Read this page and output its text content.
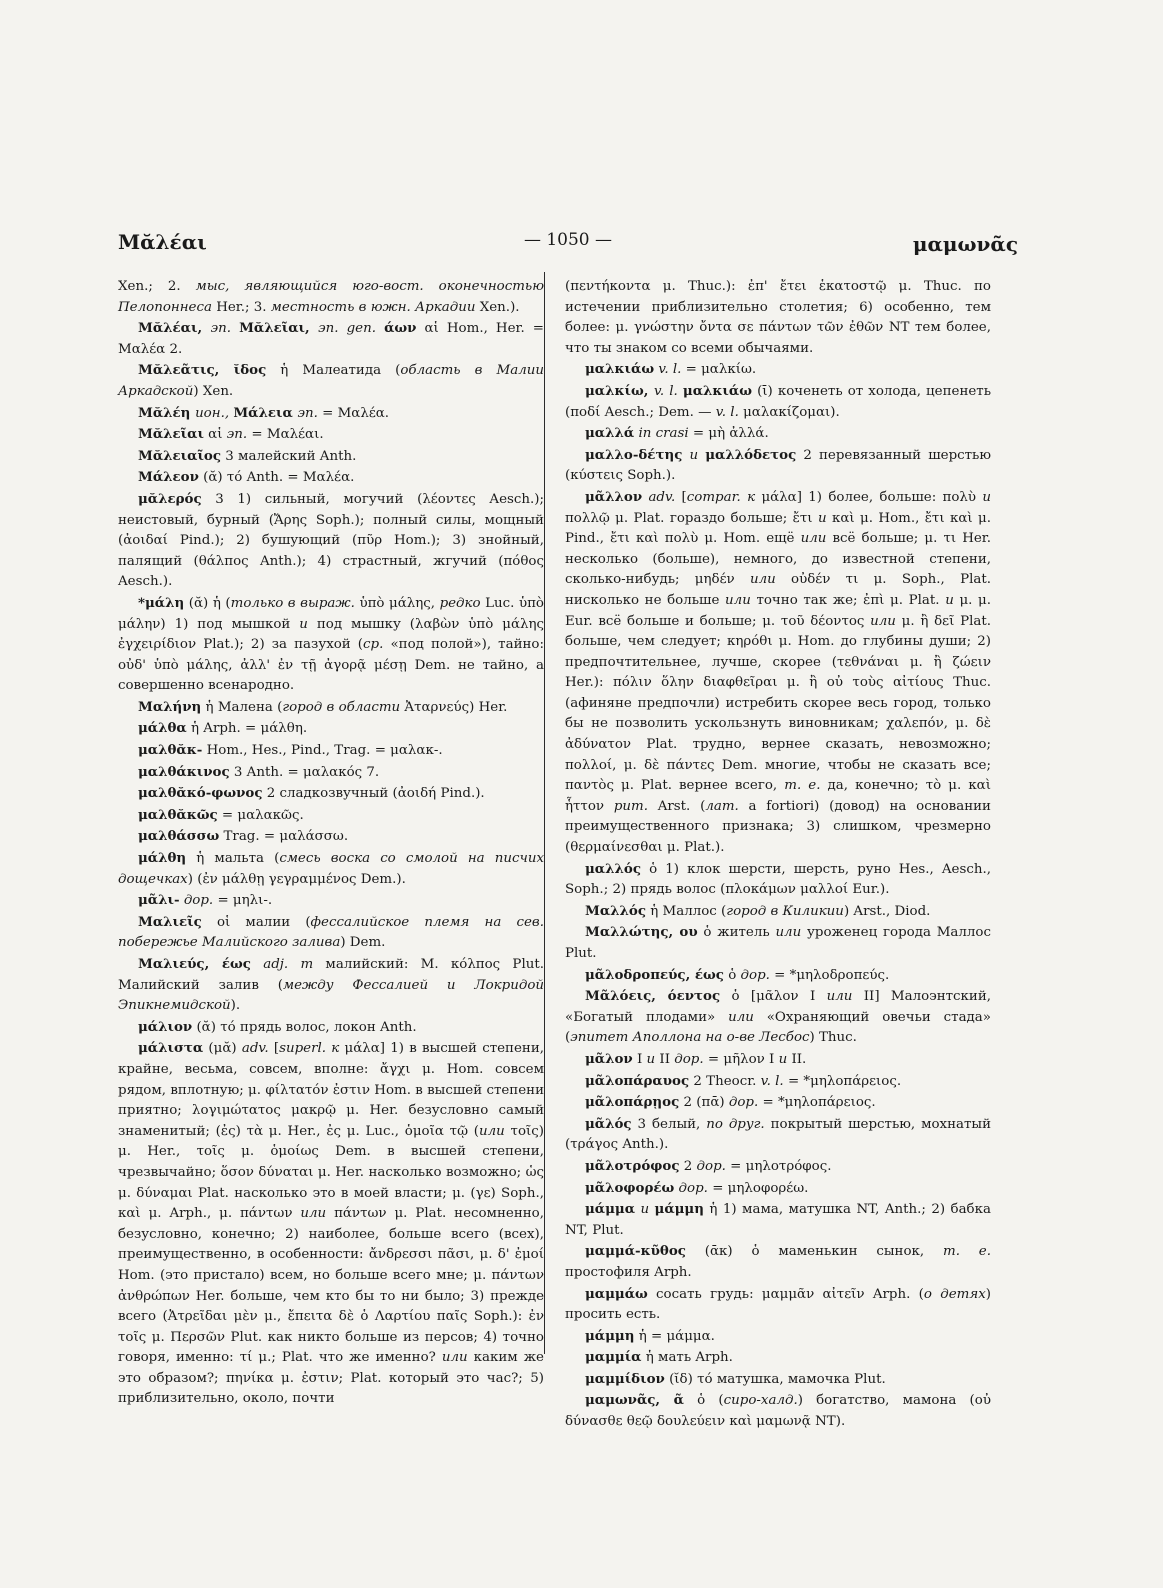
Μᾰλέαι	— 1050 —	μαμωνᾶς

Xen.; 2. мыс, являющийся юго-вост. оконечностью Пелопоннеса Her.; 3. местность в южн. Аркадии Xen.).

Μᾰλέαι, эп. Μᾰλεῖαι, эп. gen. άων αἱ Hom., Her. = Μαλέα 2.

Μᾰλεᾶτις, ῐδος ἡ Малеатида (область в Малии Аркадской) Xen.

Μᾰλέη ион., Μάλεια эп. = Μαλέα.

Μᾰλεῖαι αἱ эп. = Μαλέαι.

Μᾰλειαῖος 3 малейский Anth.

Μάλεον (ᾰ) τό Anth. = Μαλέα.

μᾰλερός 3 1) сильный, могучий (λέοντες Aesch.); неистовый, бурный (Ἄρης Soph.); полный силы, мощный (ἀοιδαί Pind.); 2) бушующий (πῦρ Hom.); 3) знойный, палящий (θάλπος Anth.); 4) страстный, жгучий (πόθος Aesch.).

*μάλη (ᾰ) ἡ (только в выраж. ὑπὸ μάλης, редко Luc. ὑπὸ μάλην) 1) под мышкой и под мышку (λαβὼν ὑπὸ μάλης ἐγχειρίδιον Plat.); 2) за пазухой (ср. «под полой»), тайно: οὐδ' ὑπὸ μάλης, ἀλλ' ἐν τῇ ἀγορᾷ μέσῃ Dem. не тайно, а совершенно всенародно.

Μαλήνη ἡ Малена (город в области Ἀταρνεύς) Her.

μάλθα ἡ Arph. = μάλθη.

μαλθᾰκ- Hom., Hes., Pind., Trag. = μαλακ-.

μαλθάκινος 3 Anth. = μαλακός 7.

μαλθᾰκό-φωνος 2 сладкозвучный (ἀοιδή Pind.).

μαλθᾰκῶς = μαλακῶς.

μαλθάσσω Trag. = μαλάσσω.

μάλθη ἡ мальта (смесь воска со смолой на писчих дощечках) (ἐν μάλθῃ γεγραμμένος Dem.).

μᾶλι- дор. = μηλι-.

Μαλιεῖς οἱ малии (фессалийское племя на сев. побережье Малийского залива) Dem.

Μαλιεύς, έως adj. m малийский: Μ. κόλπος Plut. Малийский залив (между Фессалией и Локридой Эпикнемидской).

μάλιον (ᾰ) τό прядь волос, локон Anth.

μάλιστα (μᾰ) adv. [superl. к μάλα] 1) в высшей степени, крайне, весьма, совсем, вполне: ἄγχι μ. Hom. совсем рядом, вплотную; μ. φίλτατόν ἐστιν Hom. в высшей степени приятно; λογιμώτατος μακρῷ μ. Her. безусловно самый знаменитый; (ἐς) τὰ μ. Her., ἐς μ. Luc., ὁμοῖα τῷ (или τοῖς) μ. Her., τοῖς μ. ὁμοίως Dem. в высшей степени, чрезвычайно; ὅσον δύναται μ. Her. насколько возможно; ὡς μ. δύναμαι Plat. насколько это в моей власти; μ. (γε) Soph., καὶ μ. Arph., μ. πάντων или πάντων μ. Plat. несомненно, безусловно, конечно; 2) наиболее, больше всего (всех), преимущественно, в особенности: ἄνδρεσσι πᾶσι, μ. δ' ἐμοί Hom. (это пристало) всем, но больше всего мне; μ. πάντων ἀνθρώπων Her. больше, чем кто бы то ни было; 3) прежде всего (Ἀτρεῖδαι μὲν μ., ἔπειτα δὲ ὁ Λαρτίου παῖς Soph.): ἐν τοῖς μ. Περσῶν Plut. как никто больше из персов; 4) точно говоря, именно: τί μ.; Plat. что же именно? или каким же это образом?; πηνίκα μ. ἐστιν; Plat. который это час?; 5) приблизительно, около, почти

(πεντήκοντα μ. Thuc.): ἐπ' ἔτει ἑκατοστῷ μ. Thuc. по истечении приблизительно столетия; 6) особенно, тем более: μ. γνώστην ὄντα σε πάντων τῶν ἐθῶν NT тем более, что ты знаком со всеми обычаями.

μαλκιάω v. l. = μαλκίω.

μαλκίω, v. l. μαλκιάω (ῑ) коченеть от холода, цепенеть (ποδί Aesch.; Dem. — v. l. μαλακίζομαι).

μαλλά in crasi = μὴ ἀλλά.

μαλλο-δέτης и μαλλόδετος 2 перевязанный шерстью (κύστεις Soph.).

μᾶλλον adv. [compar. к μάλα] 1) более, больше: πολὺ и πολλῷ μ. Plat. гораздо больше; ἔτι и καὶ μ. Hom., ἔτι καὶ μ. Pind., ἔτι καὶ πολὺ μ. Hom. ещё или всё больше; μ. τι Her. несколько (больше), немного, до известной степени, сколько-нибудь; μηδέν или οὐδέν τι μ. Soph., Plat. нисколько не больше или точно так же; ἐπὶ μ. Plat. и μ. μ. Eur. всё больше и больше; μ. τοῦ δέοντος или μ. ἢ δεῖ Plat. больше, чем следует; κηρόθι μ. Hom. до глубины души; 2) предпочтительнее, лучше, скорее (τεθνάναι μ. ἢ ζώειν Her.): πόλιν ὅλην διαφθεῖραι μ. ἢ οὐ τοὺς αἰτίους Thuc. (афиняне предпочли) истребить скорее весь город, только бы не позволить ускользнуть виновникам; χαλεπόν, μ. δὲ ἀδύνατον Plat. трудно, вернее сказать, невозможно; πολλοί, μ. δὲ πάντες Dem. многие, чтобы не сказать все; παντὸς μ. Plat. вернее всего, т. е. да, конечно; τὸ μ. καὶ ἧττον рит. Arst. (лат. a fortiori) (довод) на основании преимущественного признака; 3) слишком, чрезмерно (θερμαίνεσθαι μ. Plat.).

μαλλός ὁ 1) клок шерсти, шерсть, руно Hes., Aesch., Soph.; 2) прядь волос (πλοκάμων μαλλοί Eur.).

Μαλλός ἡ Маллос (город в Киликии) Arst., Diod.

Μαλλώτης, ου ὁ житель или уроженец города Маллос Plut.

μᾶλοδροπεύς, έως ὁ дор. = *μηλοδροπεύς.

Μᾶλόεις, όεντος ὁ [μᾶλον I или II] Малоэнтский, «Богатый плодами» или «Охраняющий овечьи стада» (эпитет Аполлона на о-ве Лесбос) Thuc.

μᾶλον I и II дор. = μῆλον I и II.

μᾶλοπάραυος 2 Theocr. v. l. = *μηλοπάρειος.

μᾶλοπάρῃος 2 (πᾱ) дор. = *μηλοπάρειος.

μᾶλός 3 белый, по друг. покрытый шерстью, мохнатый (τράγος Anth.).

μᾶλοτρόφος 2 дор. = μηλοτρόφος.

μᾶλοφορέω дор. = μηλοφορέω.

μάμμα и μάμμη ἡ 1) мама, матушка NT, Anth.; 2) бабка NT, Plut.

μαμμά-κῦθος (ᾱκ) ὁ маменькин сынок, т. е. простофиля Arph.

μαμμάω сосать грудь: μαμμᾶν αἰτεῖν Arph. (о детях) просить есть.

μάμμη ἡ = μάμμα.

μαμμία ἡ мать Arph.

μαμμίδιον (ῐδ) τό матушка, мамочка Plut.

μαμωνᾶς, ᾶ ὁ (сиро-халд.) богатство, мамона (οὐ δύνασθε θεῷ δουλεύειν καὶ μαμωνᾷ NT).
